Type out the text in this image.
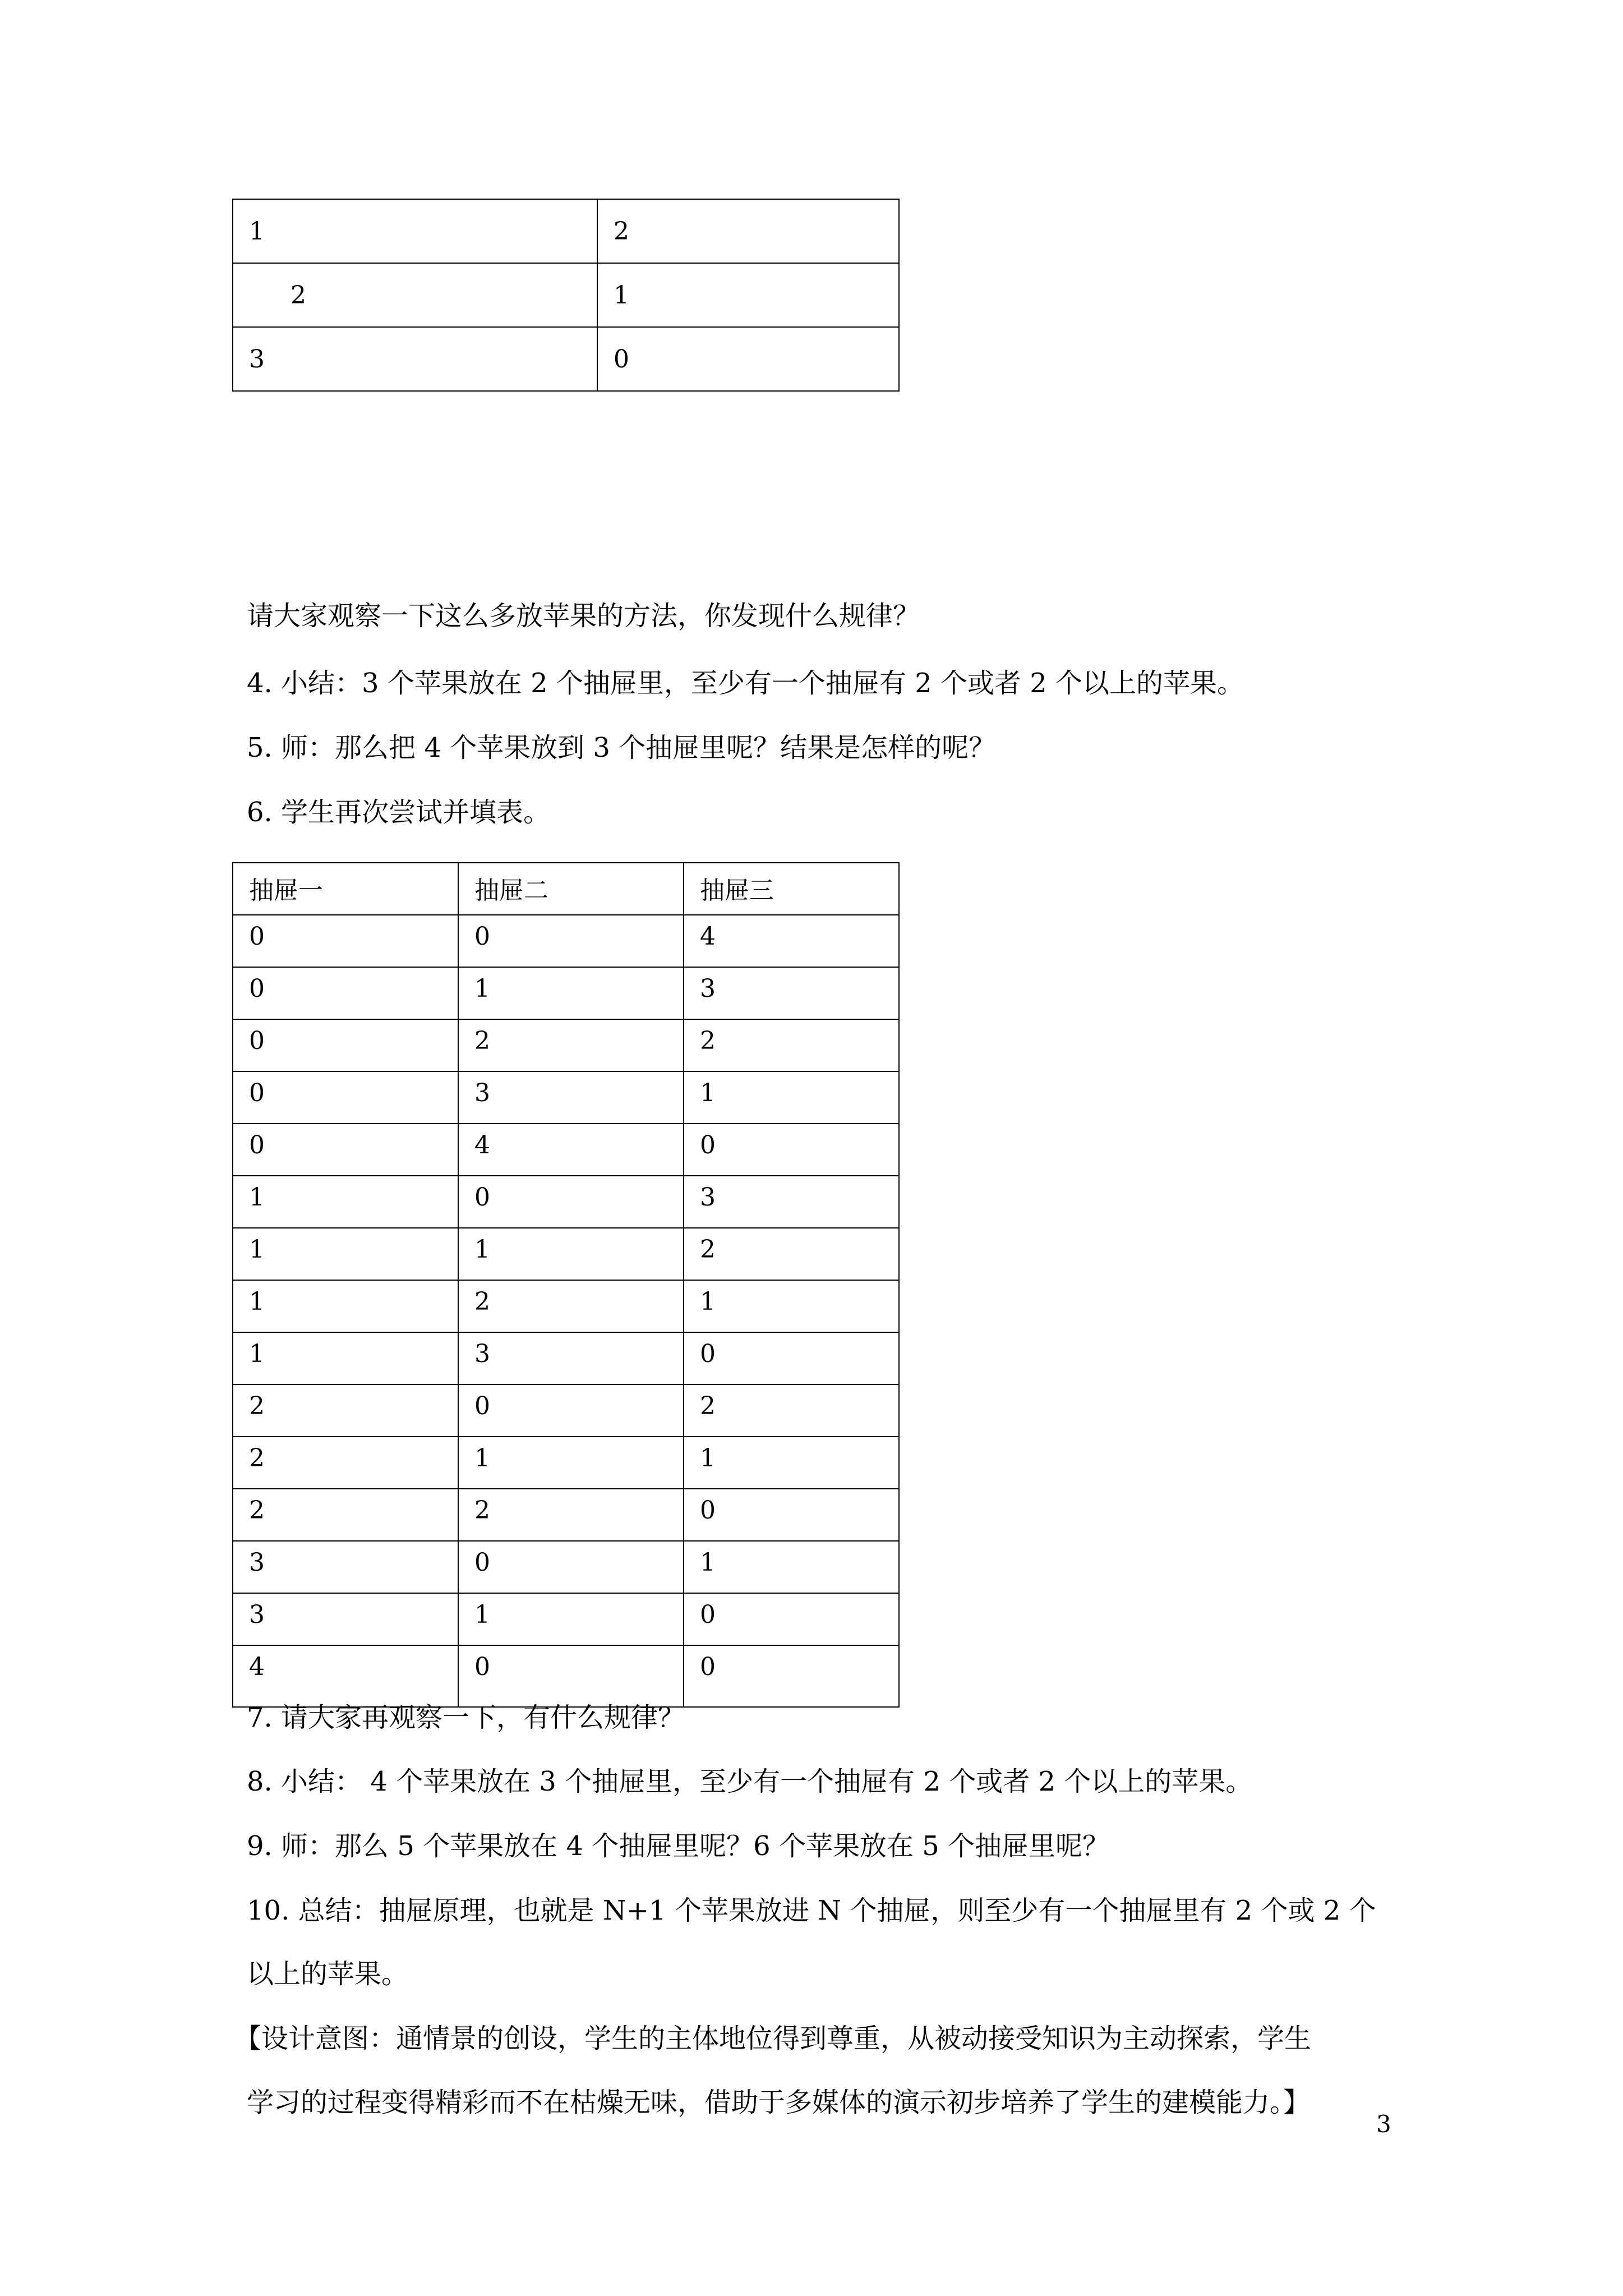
1	2
2	1
3	0
请大家观察一下这么多放苹果的方法，你发现什么规律？
4. 小结：3 个苹果放在 2 个抽屉里，至少有一个抽屉有 2 个或者 2 个以上的苹果。
5. 师：那么把 4 个苹果放到 3 个抽屉里呢？结果是怎样的呢？
6. 学生再次尝试并填表。
抽屉一	抽屉二	抽屉三
0	0	4
0	1	3
0	2	2
0	3	1
0	4	0
1	0	3
1	1	2
1	2	1
1	3	0
2	0	2
2	1	1
2	2	0
3	0	1
3	1	0
4	0	0
7. 请大家再观察一下，有什么规律？
8. 小结： 4 个苹果放在 3 个抽屉里，至少有一个抽屉有 2 个或者 2 个以上的苹果。
9. 师：那么 5 个苹果放在 4 个抽屉里呢？6 个苹果放在 5 个抽屉里呢？
10. 总结：抽屉原理，也就是 N+1 个苹果放进 N 个抽屉，则至少有一个抽屉里有 2 个或 2 个
以上的苹果。
【设计意图：通情景的创设，学生的主体地位得到尊重，从被动接受知识为主动探索，学生
学习的过程变得精彩而不在枯燥无味，借助于多媒体的演示初步培养了学生的建模能力。】
3
